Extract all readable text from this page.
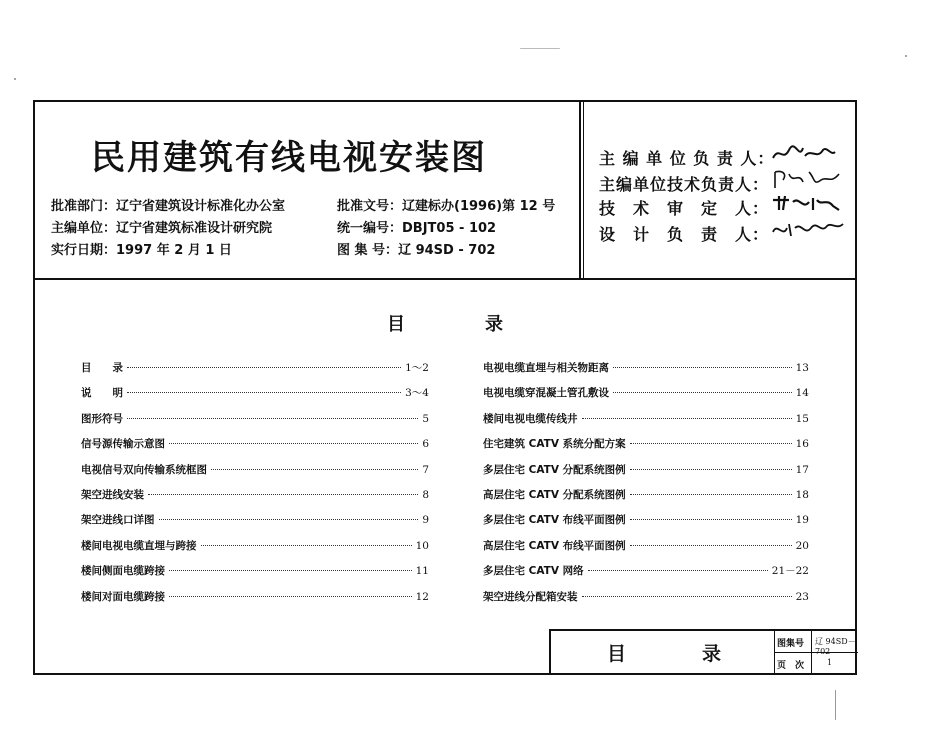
民用建筑有线电视安装图
批准部门：辽宁省建筑设计标准化办公室
主编单位：辽宁省建筑标准设计研究院
实行日期：1997 年 2 月 1 日
批准文号：辽建标办(1996)第 12 号
统一编号：DBJT05 - 102
图 集 号：辽 94SD - 702
主 编 单 位 负 责 人：
主编单位技术负责人：
技　术　审　定　人：
设　计　负　责　人：
目	录
目　　录	1～2
说　　明	3～4
图形符号	5
信号源传输示意图	6
电视信号双向传输系统框图	7
架空进线安装	8
架空进线口详图	9
楼间电视电缆直埋与跨接	10
楼间侧面电缆跨接	11
楼间对面电缆跨接	12
电视电缆直埋与相关物距离	13
电视电缆穿混凝土管孔敷设	14
楼间电视电缆传线井	15
住宅建筑 CATV 系统分配方案	16
多层住宅 CATV 分配系统图例	17
高层住宅 CATV 分配系统图例	18
多层住宅 CATV 布线平面图例	19
高层住宅 CATV 布线平面图例	20
多层住宅 CATV 网络	21－22
架空进线分配箱安装	23
目　　　　录	图集号	辽 94SD－702
页　次	1
